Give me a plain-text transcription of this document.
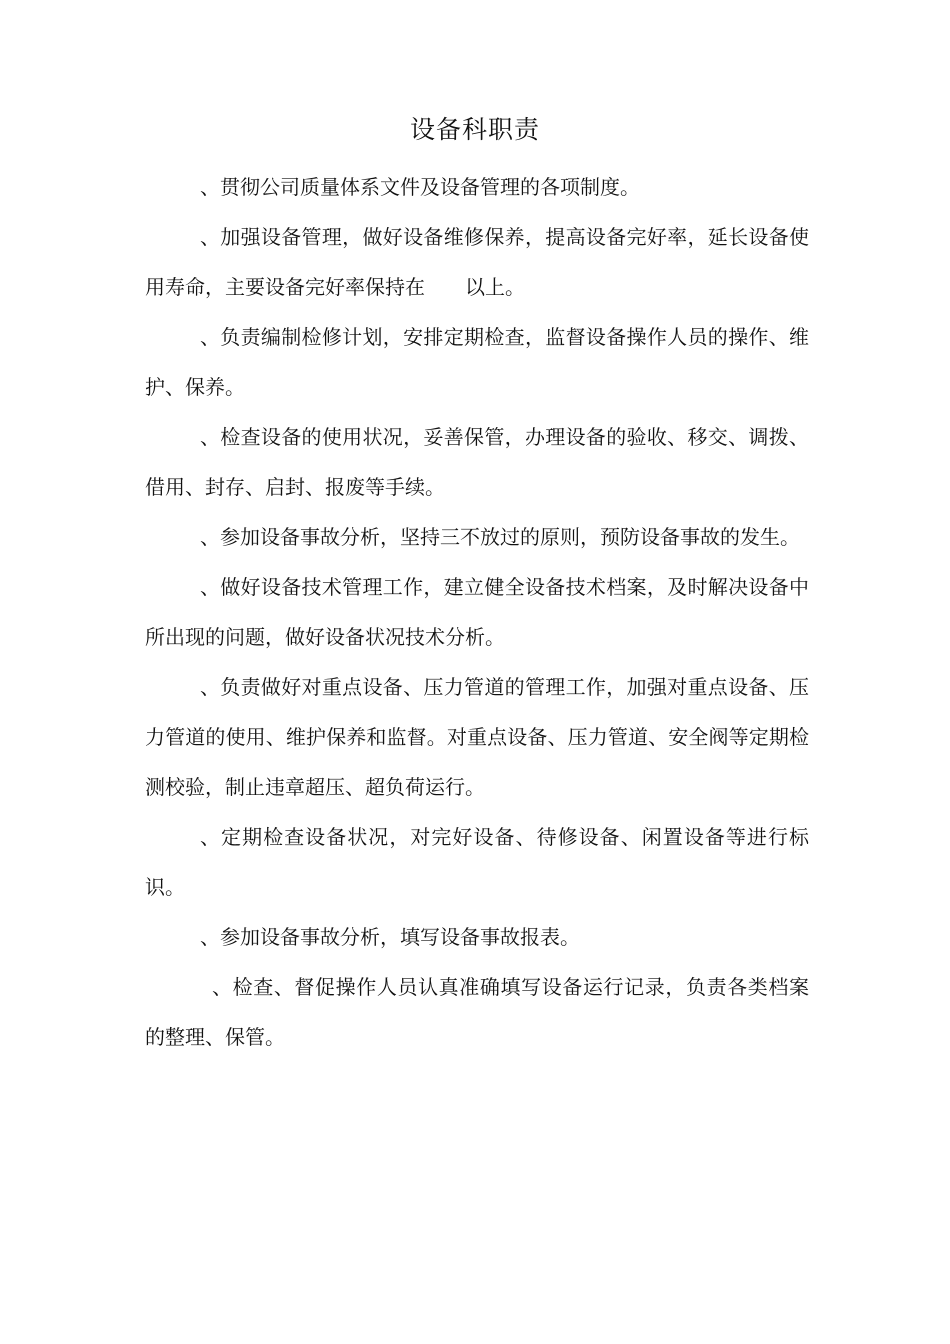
设备科职责

、贯彻公司质量体系文件及设备管理的各项制度。

、加强设备管理，做好设备维修保养，提高设备完好率，延长设备使用寿命，主要设备完好率保持在 以上。

、负责编制检修计划，安排定期检查，监督设备操作人员的操作、维护、保养。

、检查设备的使用状况，妥善保管，办理设备的验收、移交、调拨、借用、封存、启封、报废等手续。

、参加设备事故分析，坚持三不放过的原则，预防设备事故的发生。

、做好设备技术管理工作，建立健全设备技术档案，及时解决设备中所出现的问题，做好设备状况技术分析。

、负责做好对重点设备、压力管道的管理工作，加强对重点设备、压力管道的使用、维护保养和监督。对重点设备、压力管道、安全阀等定期检测校验，制止违章超压、超负荷运行。

、定期检查设备状况，对完好设备、待修设备、闲置设备等进行标识。

、参加设备事故分析，填写设备事故报表。

、检查、督促操作人员认真准确填写设备运行记录，负责各类档案的整理、保管。
